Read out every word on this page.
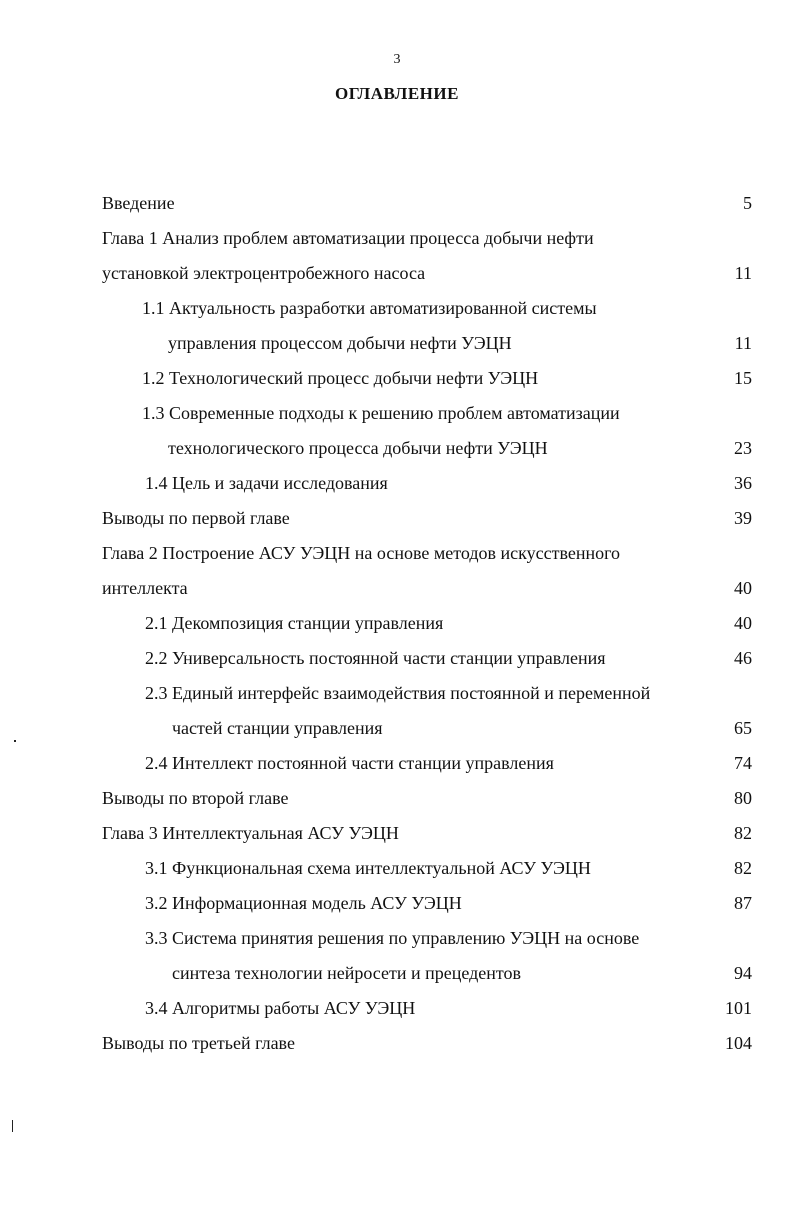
3
ОГЛАВЛЕНИЕ
Введение	5
Глава 1 Анализ проблем автоматизации процесса добычи нефти
установкой электроцентробежного насоса	11
1.1 Актуальность разработки автоматизированной системы
управления процессом добычи нефти УЭЦН	11
1.2 Технологический процесс добычи нефти УЭЦН	15
1.3 Современные подходы к решению проблем автоматизации
технологического процесса добычи нефти УЭЦН	23
1.4 Цель и задачи исследования	36
Выводы по первой главе	39
Глава 2 Построение АСУ УЭЦН на основе методов искусственного
интеллекта	40
2.1 Декомпозиция станции управления	40
2.2 Универсальность постоянной части станции управления	46
2.3 Единый интерфейс взаимодействия постоянной и переменной
частей станции управления	65
2.4 Интеллект постоянной части станции управления	74
Выводы по второй главе	80
Глава 3 Интеллектуальная АСУ УЭЦН	82
3.1 Функциональная схема интеллектуальной АСУ УЭЦН	82
3.2 Информационная модель АСУ УЭЦН	87
3.3 Система принятия решения по управлению УЭЦН на основе
синтеза технологии нейросети и прецедентов	94
3.4 Алгоритмы работы АСУ УЭЦН	101
Выводы по третьей главе	104
